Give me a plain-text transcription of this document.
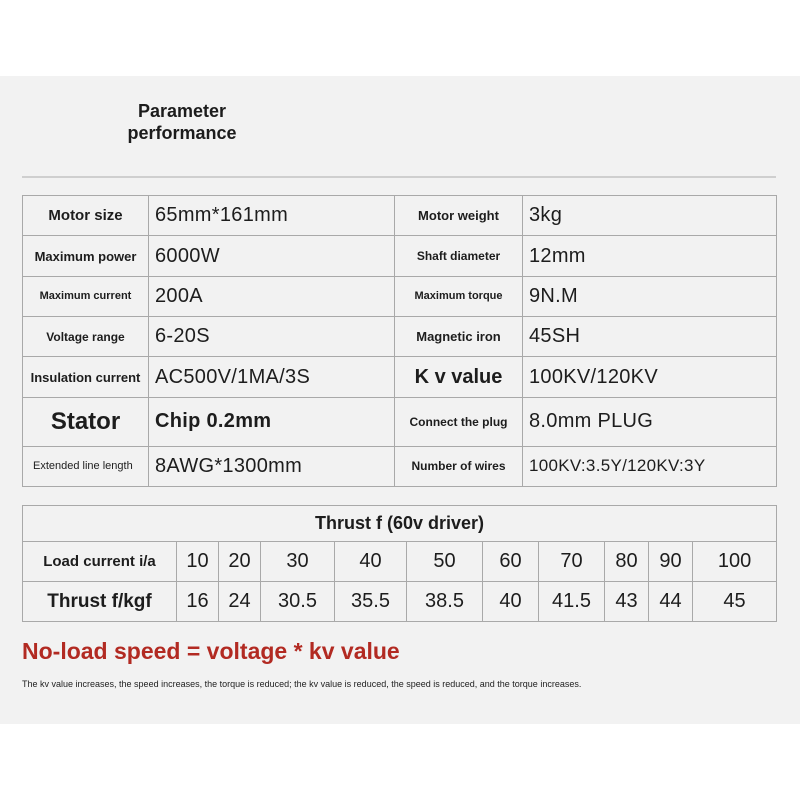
Parameter
performance
Motor size	65mm*161mm	Motor weight	3kg
Maximum power	6000W	Shaft diameter	12mm
Maximum current	200A	Maximum torque	9N.M
Voltage range	6-20S	Magnetic iron	45SH
Insulation current	AC500V/1MA/3S	K v value	100KV/120KV
Stator	Chip 0.2mm	Connect the plug	8.0mm PLUG
Extended line length	8AWG*1300mm	Number of wires	100KV:3.5Y/120KV:3Y
Thrust f (60v driver)										
Load current i/a	10	20	30	40	50	60	70	80	90	100
Thrust f/kgf	16	24	30.5	35.5	38.5	40	41.5	43	44	45
No-load speed = voltage * kv value
The kv value increases, the speed increases, the torque is reduced; the kv value is reduced, the speed is reduced, and the torque increases.
